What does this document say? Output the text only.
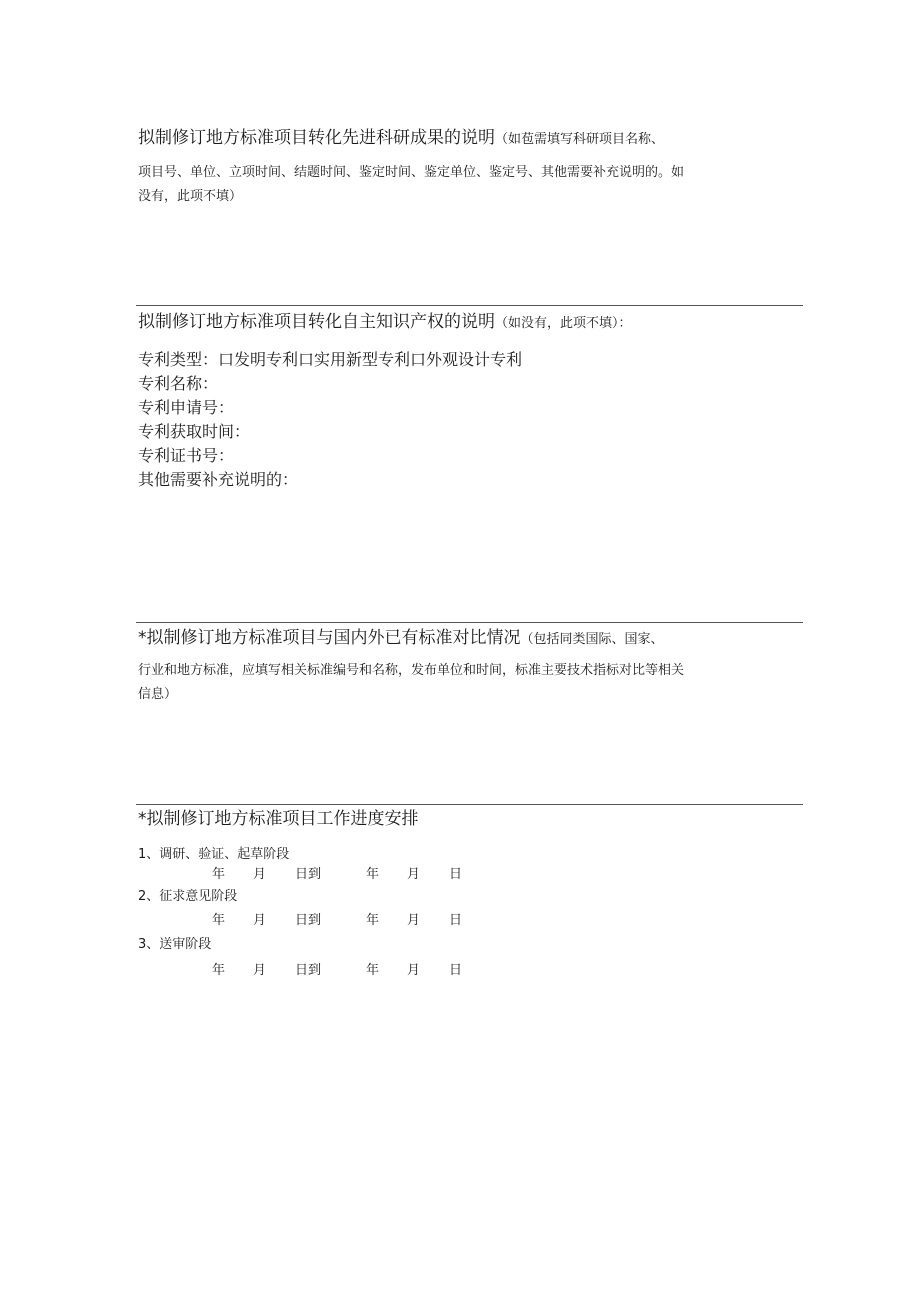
拟制修订地方标准项目转化先进科研成果的说明（如苞需填写科研项目名称、
项目号、单位、立项时间、结题时间、鉴定时间、鉴定单位、鉴定号、其他需要补充说明的。如
没有，此项不填）
拟制修订地方标准项目转化自主知识产权的说明（如没有，此项不填）：
专利类型：口发明专利口实用新型专利口外观设计专利
专利名称：
专利申请号：
专利获取时间：
专利证书号：
其他需要补充说明的：
*拟制修订地方标准项目与国内外已有标准对比情况（包括同类国际、国家、
行业和地方标准，应填写相关标准编号和名称，发布单位和时间，标准主要技术指标对比等相关
信息）
*拟制修订地方标准项目工作进度安排
1、调研、验证、起草阶段
年 月 日到	年 月 日
2、征求意见阶段
年 月 日到	年 月 日
3、送审阶段
年 月 日到	年 月 日
